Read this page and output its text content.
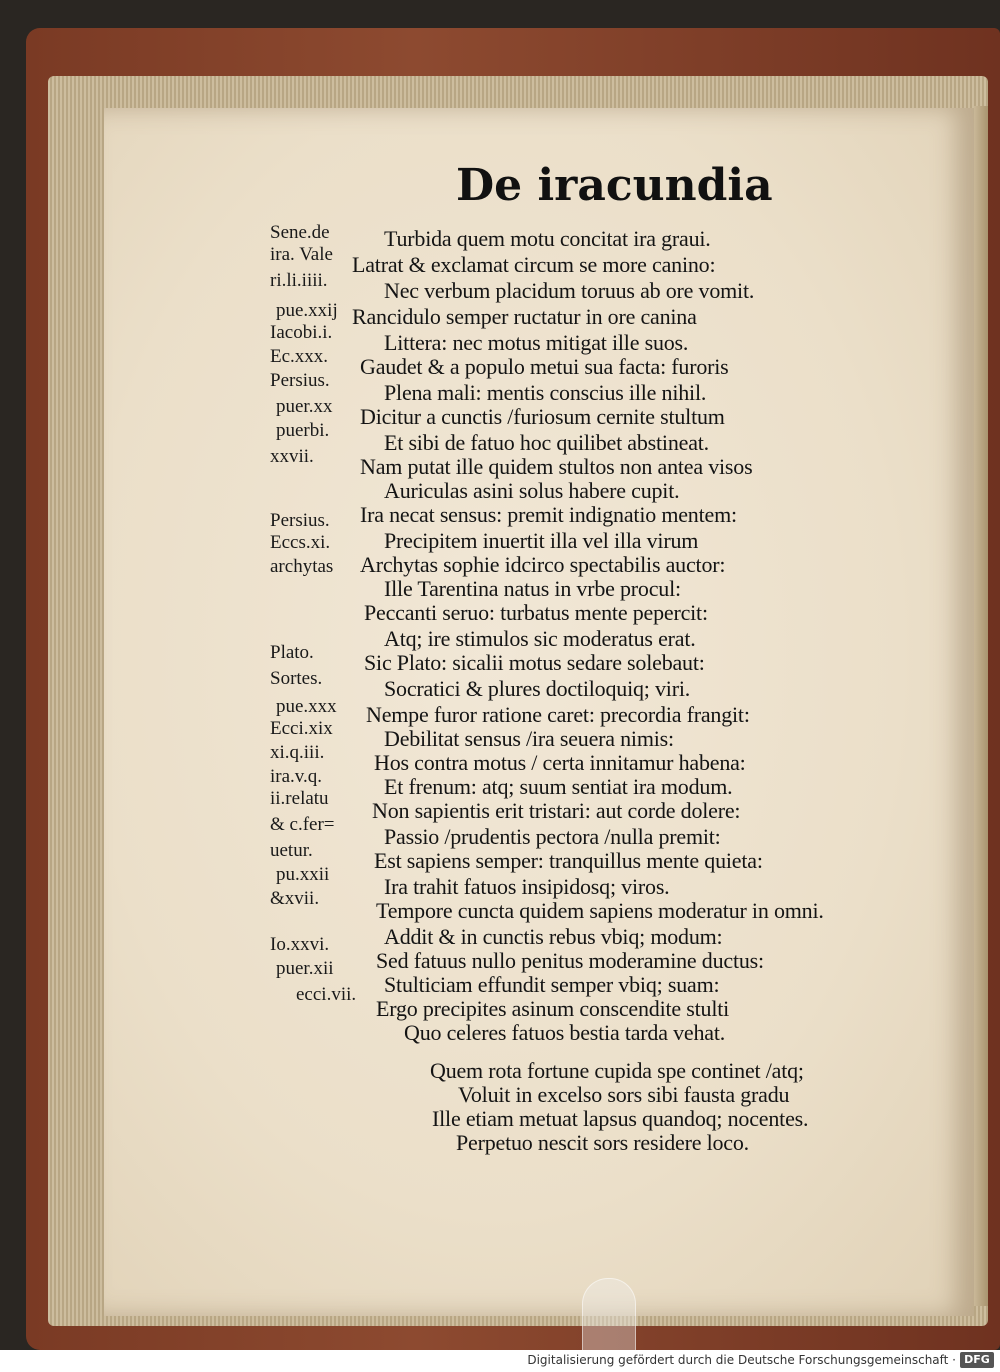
De iracundia
Sene.de
ira. Vale
ri.li.iiii.
pue.xxij
Iacobi.i.
Ec.xxx.
Persius.
puer.xx
puerbi.
xxvii.
Persius.
Eccs.xi.
archytas
Plato.
Sortes.
pue.xxx
Ecci.xix
xi.q.iii.
ira.v.q.
ii.relatu
& c.fer=
uetur.
pu.xxii
&xvii.
Io.xxvi.
puer.xii
ecci.vii.
Turbida quem motu concitat ira graui.
Latrat & exclamat circum se more canino:
Nec verbum placidum toruus ab ore vomit.
Rancidulo semper ructatur in ore canina
Littera: nec motus mitigat ille suos.
Gaudet & a populo metui sua facta: furoris
Plena mali: mentis conscius ille nihil.
Dicitur a cunctis /furiosum cernite stultum
Et sibi de fatuo hoc quilibet abstineat.
Nam putat ille quidem stultos non antea visos
Auriculas asini solus habere cupit.
Ira necat sensus: premit indignatio mentem:
Precipitem inuertit illa vel illa virum
Archytas sophie idcirco spectabilis auctor:
Ille Tarentina natus in vrbe procul:
Peccanti seruo: turbatus mente pepercit:
Atq; ire stimulos sic moderatus erat.
Sic Plato: sicalii motus sedare solebaut:
Socratici & plures doctiloquiq; viri.
Nempe furor ratione caret: precordia frangit:
Debilitat sensus /ira seuera nimis:
Hos contra motus / certa innitamur habena:
Et frenum: atq; suum sentiat ira modum.
Non sapientis erit tristari: aut corde dolere:
Passio /prudentis pectora /nulla premit:
Est sapiens semper: tranquillus mente quieta:
Ira trahit fatuos insipidosq; viros.
Tempore cuncta quidem sapiens moderatur in omni.
Addit & in cunctis rebus vbiq; modum:
Sed fatuus nullo penitus moderamine ductus:
Stulticiam effundit semper vbiq; suam:
Ergo precipites asinum conscendite stulti
Quo celeres fatuos bestia tarda vehat.
Quem rota fortune cupida spe continet /atq;
Voluit in excelso sors sibi fausta gradu
Ille etiam metuat lapsus quandoq; nocentes.
Perpetuo nescit sors residere loco.
Digitalisierung gefördert durch die Deutsche Forschungsgemeinschaft · DFG
